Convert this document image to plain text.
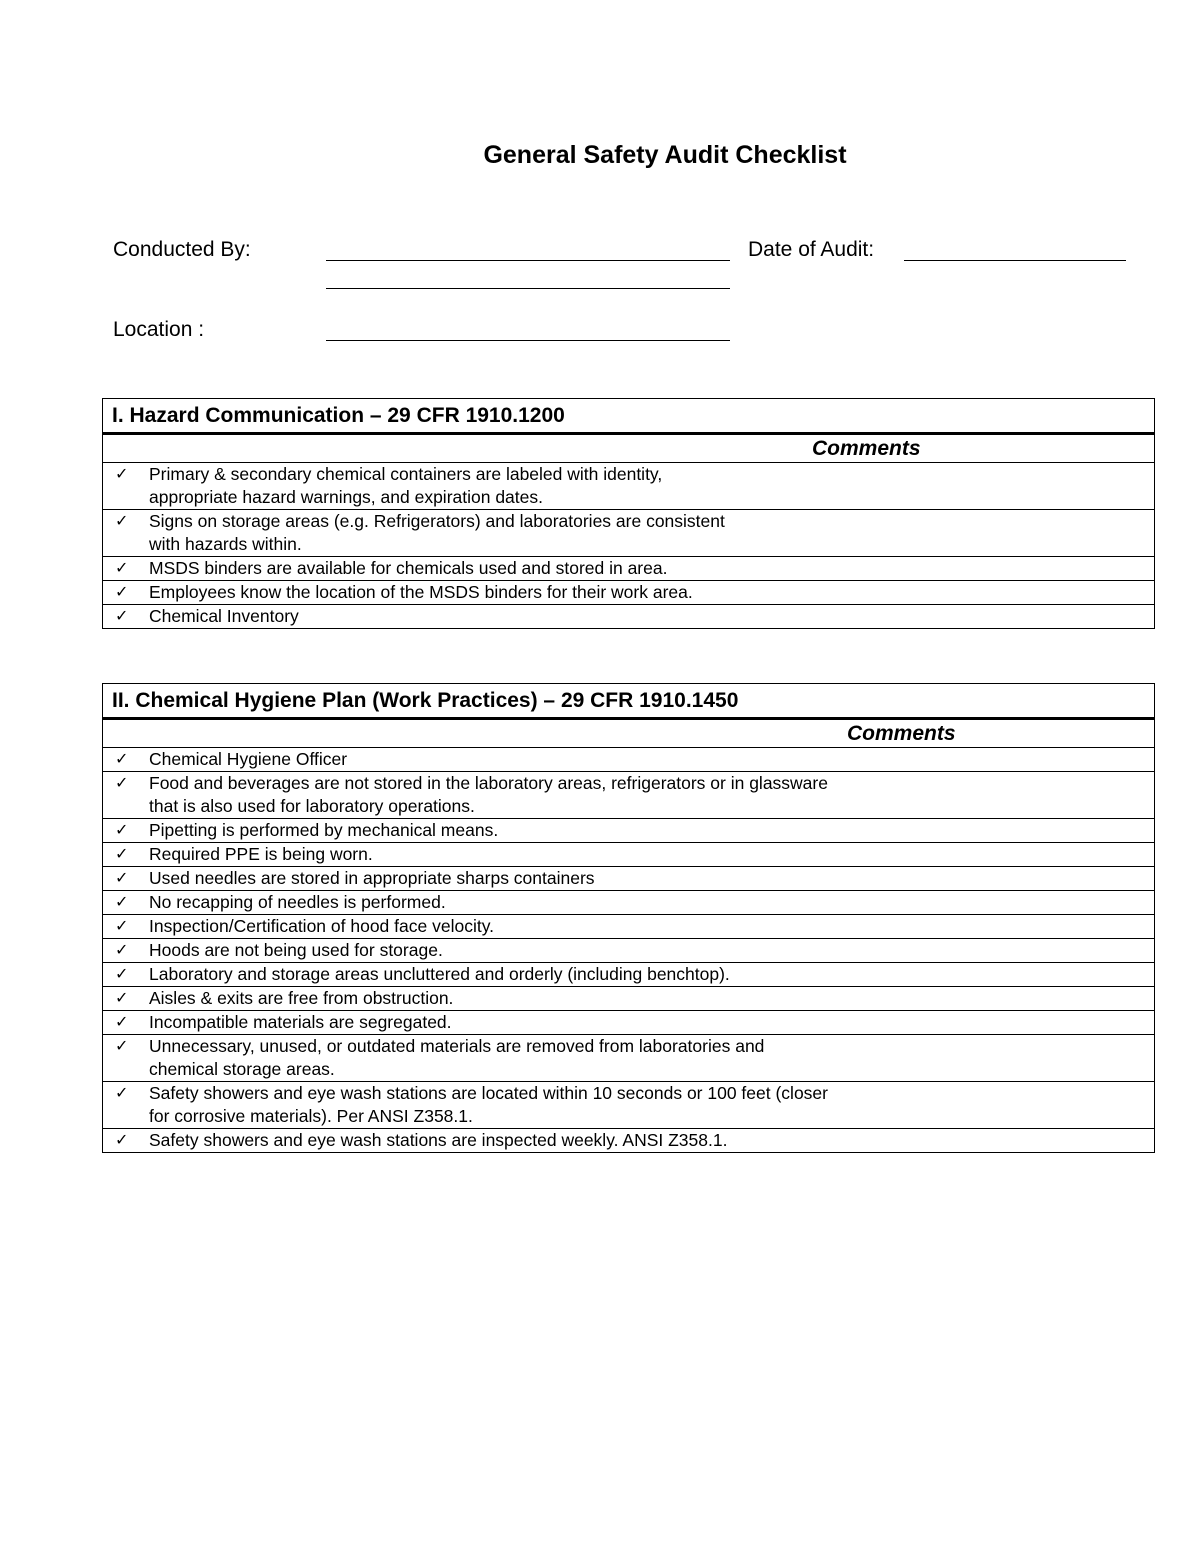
General Safety Audit Checklist
Conducted By:	Date of Audit:
Location :
I. Hazard Communication – 29 CFR 1910.1200
Comments

✓	Primary & secondary chemical containers are labeled with identity, appropriate hazard warnings, and expiration dates.

✓	Signs on storage areas (e.g. Refrigerators) and laboratories are consistent with hazards within.

✓	MSDS binders are available for chemicals used and stored in area.

✓	Employees know the location of the MSDS binders for their work area.

✓	Chemical Inventory
II. Chemical Hygiene Plan (Work Practices) – 29 CFR 1910.1450
Comments

✓	Chemical Hygiene Officer

✓	Food and beverages are not stored in the laboratory areas, refrigerators or in glassware that is also used for laboratory operations.

✓	Pipetting is performed by mechanical means.

✓	Required PPE is being worn.

✓	Used needles are stored in appropriate sharps containers

✓	No recapping of needles is performed.

✓	Inspection/Certification of hood face velocity.

✓	Hoods are not being used for storage.

✓	Laboratory and storage areas uncluttered and orderly (including benchtop).

✓	Aisles & exits are free from obstruction.

✓	Incompatible materials are segregated.

✓	Unnecessary, unused, or outdated materials are removed from laboratories and chemical storage areas.

✓	Safety showers and eye wash stations are located within 10 seconds or 100 feet (closer for corrosive materials). Per ANSI Z358.1.

✓	Safety showers and eye wash stations are inspected weekly. ANSI Z358.1.
